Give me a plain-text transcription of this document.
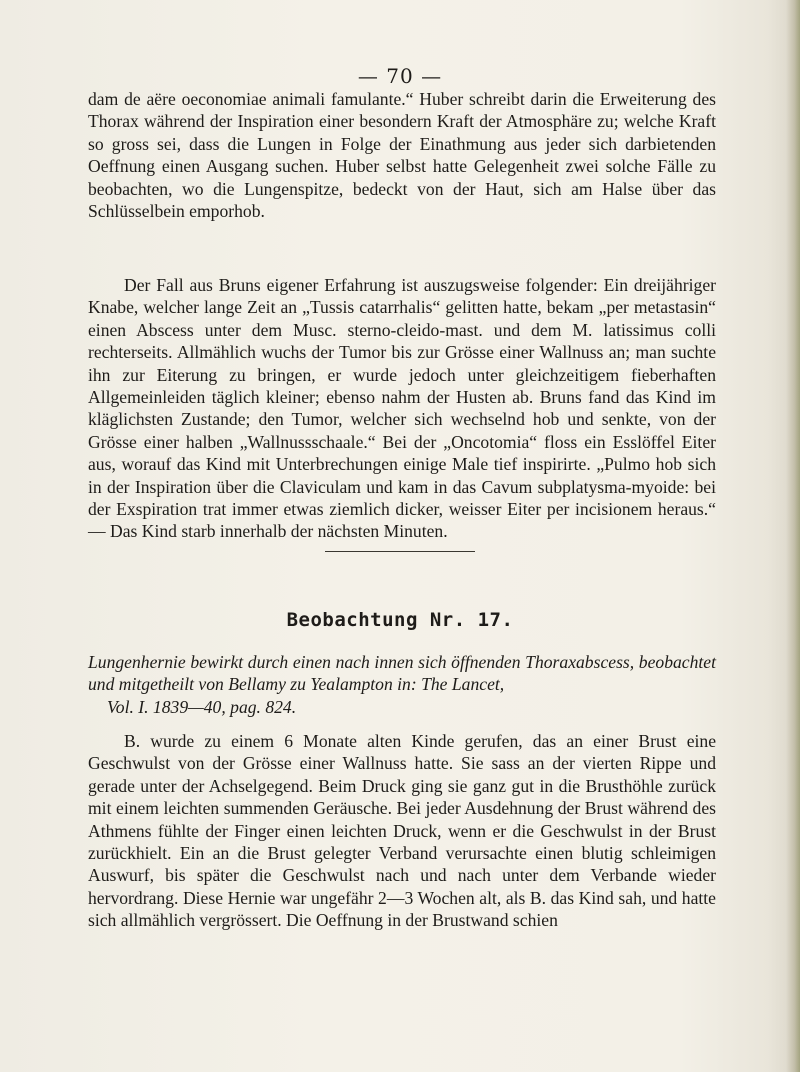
— 70 —

dam de aëre oeconomiae animali famulante.“ Huber schreibt darin die Erweiterung des Thorax während der Inspiration einer besondern Kraft der Atmosphäre zu; welche Kraft so gross sei, dass die Lungen in Folge der Einathmung aus jeder sich darbietenden Oeffnung einen Ausgang suchen. Huber selbst hatte Gelegenheit zwei solche Fälle zu beobachten, wo die Lungenspitze, bedeckt von der Haut, sich am Halse über das Schlüsselbein emporhob.

Der Fall aus Bruns eigener Erfahrung ist auszugsweise folgender: Ein dreijähriger Knabe, welcher lange Zeit an „Tussis catarrhalis“ gelitten hatte, bekam „per metastasin“ einen Abscess unter dem Musc. sterno-cleido-mast. und dem M. latissimus colli rechterseits. Allmählich wuchs der Tumor bis zur Grösse einer Wallnuss an; man suchte ihn zur Eiterung zu bringen, er wurde jedoch unter gleichzeitigem fieberhaften Allgemeinleiden täglich kleiner; ebenso nahm der Husten ab. Bruns fand das Kind im kläglichsten Zustande; den Tumor, welcher sich wechselnd hob und senkte, von der Grösse einer halben „Wallnussschaale.“ Bei der „Oncotomia“ floss ein Esslöffel Eiter aus, worauf das Kind mit Unterbrechungen einige Male tief inspirirte. „Pulmo hob sich in der Inspiration über die Claviculam und kam in das Cavum subplatysma-myoide: bei der Exspiration trat immer etwas ziemlich dicker, weisser Eiter per incisionem heraus.“ — Das Kind starb innerhalb der nächsten Minuten.

Beobachtung Nr. 17.
Lungenhernie bewirkt durch einen nach innen sich öffnenden Thoraxabscess, beobachtet und mitgetheilt von Bellamy zu Yealampton in: The Lancet,
Vol. I. 1839—40, pag. 824.

B. wurde zu einem 6 Monate alten Kinde gerufen, das an einer Brust eine Geschwulst von der Grösse einer Wallnuss hatte. Sie sass an der vierten Rippe und gerade unter der Achselgegend. Beim Druck ging sie ganz gut in die Brusthöhle zurück mit einem leichten summenden Geräusche. Bei jeder Ausdehnung der Brust während des Athmens fühlte der Finger einen leichten Druck, wenn er die Geschwulst in der Brust zurückhielt. Ein an die Brust gelegter Verband verursachte einen blutig schleimigen Auswurf, bis später die Geschwulst nach und nach unter dem Verbande wieder hervordrang. Diese Hernie war ungefähr 2—3 Wochen alt, als B. das Kind sah, und hatte sich allmählich vergrössert. Die Oeffnung in der Brustwand schien
